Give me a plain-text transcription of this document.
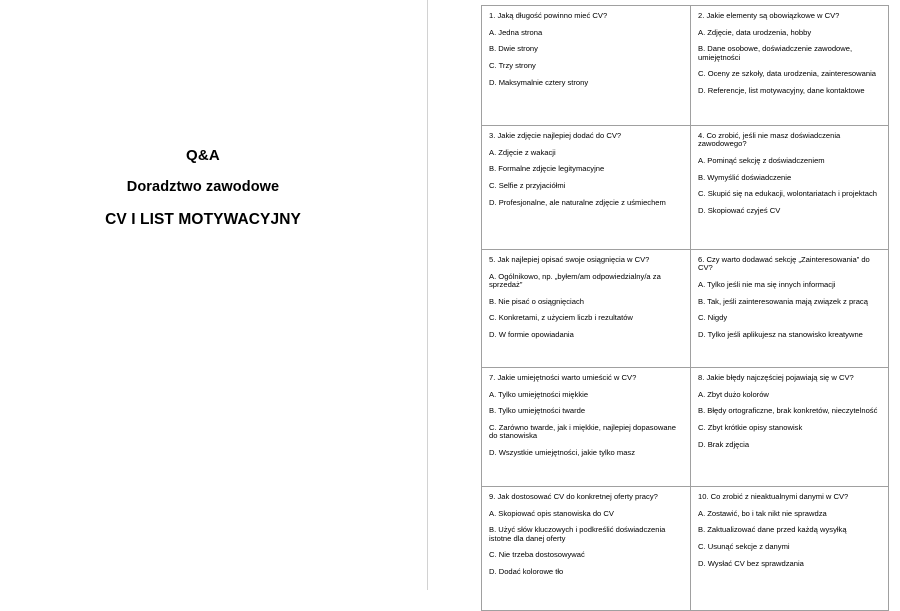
Q&A

Doradztwo zawodowe

CV I LIST MOTYWACYJNY

1. Jaką długość powinno mieć CV?

A. Jedna strona

B. Dwie strony

C. Trzy strony

D. Maksymalnie cztery strony

2. Jakie elementy są obowiązkowe w CV?

A. Zdjęcie, data urodzenia, hobby

B. Dane osobowe, doświadczenie zawodowe, umiejętności

C. Oceny ze szkoły, data urodzenia, zainteresowania

D. Referencje, list motywacyjny, dane kontaktowe

3. Jakie zdjęcie najlepiej dodać do CV?

A. Zdjęcie z wakacji

B. Formalne zdjęcie legitymacyjne

C. Selfie z przyjaciółmi

D. Profesjonalne, ale naturalne zdjęcie z uśmiechem

4. Co zrobić, jeśli nie masz doświadczenia zawodowego?

A. Pominąć sekcję z doświadczeniem

B. Wymyślić doświadczenie

C. Skupić się na edukacji, wolontariatach i projektach

D. Skopiować czyjeś CV

5. Jak najlepiej opisać swoje osiągnięcia w CV?

A. Ogólnikowo, np. „byłem/am odpowiedzialny/a za sprzedaż”

B. Nie pisać o osiągnięciach

C. Konkretami, z użyciem liczb i rezultatów

D. W formie opowiadania

6. Czy warto dodawać sekcję „Zainteresowania” do CV?

A. Tylko jeśli nie ma się innych informacji

B. Tak, jeśli zainteresowania mają związek z pracą

C. Nigdy

D. Tylko jeśli aplikujesz na stanowisko kreatywne

7. Jakie umiejętności warto umieścić w CV?

A. Tylko umiejętności miękkie

B. Tylko umiejętności twarde

C. Zarówno twarde, jak i miękkie, najlepiej dopasowane do stanowiska

D. Wszystkie umiejętności, jakie tylko masz

8. Jakie błędy najczęściej pojawiają się w CV?

A. Zbyt dużo kolorów

B. Błędy ortograficzne, brak konkretów, nieczytelność

C. Zbyt krótkie opisy stanowisk

D. Brak zdjęcia

9. Jak dostosować CV do konkretnej oferty pracy?

A. Skopiować opis stanowiska do CV

B. Użyć słów kluczowych i podkreślić doświadczenia istotne dla danej oferty

C. Nie trzeba dostosowywać

D. Dodać kolorowe tło

10. Co zrobić z nieaktualnymi danymi w CV?

A. Zostawić, bo i tak nikt nie sprawdza

B. Zaktualizować dane przed każdą wysyłką

C. Usunąć sekcje z danymi

D. Wysłać CV bez sprawdzania
